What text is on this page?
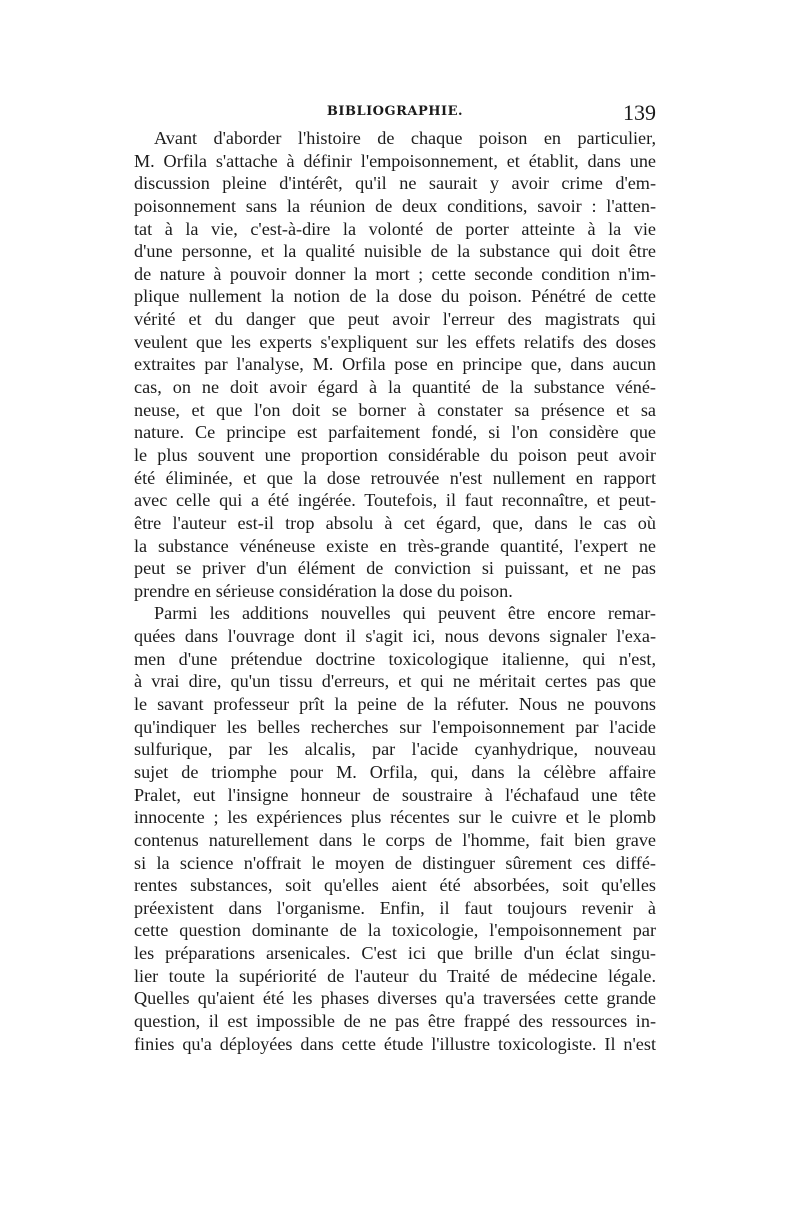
BIBLIOGRAPHIE.	139
Avant d'aborder l'histoire de chaque poison en particulier,
M. Orfila s'attache à définir l'empoisonnement, et établit, dans une
discussion pleine d'intérêt, qu'il ne saurait y avoir crime d'em-
poisonnement sans la réunion de deux conditions, savoir : l'atten-
tat à la vie, c'est-à-dire la volonté de porter atteinte à la vie
d'une personne, et la qualité nuisible de la substance qui doit être
de nature à pouvoir donner la mort ; cette seconde condition n'im-
plique nullement la notion de la dose du poison. Pénétré de cette
vérité et du danger que peut avoir l'erreur des magistrats qui
veulent que les experts s'expliquent sur les effets relatifs des doses
extraites par l'analyse, M. Orfila pose en principe que, dans aucun
cas, on ne doit avoir égard à la quantité de la substance véné-
neuse, et que l'on doit se borner à constater sa présence et sa
nature. Ce principe est parfaitement fondé, si l'on considère que
le plus souvent une proportion considérable du poison peut avoir
été éliminée, et que la dose retrouvée n'est nullement en rapport
avec celle qui a été ingérée. Toutefois, il faut reconnaître, et peut-
être l'auteur est-il trop absolu à cet égard, que, dans le cas où
la substance vénéneuse existe en très-grande quantité, l'expert ne
peut se priver d'un élément de conviction si puissant, et ne pas
prendre en sérieuse considération la dose du poison.
Parmi les additions nouvelles qui peuvent être encore remar-
quées dans l'ouvrage dont il s'agit ici, nous devons signaler l'exa-
men d'une prétendue doctrine toxicologique italienne, qui n'est,
à vrai dire, qu'un tissu d'erreurs, et qui ne méritait certes pas que
le savant professeur prît la peine de la réfuter. Nous ne pouvons
qu'indiquer les belles recherches sur l'empoisonnement par l'acide
sulfurique, par les alcalis, par l'acide cyanhydrique, nouveau
sujet de triomphe pour M. Orfila, qui, dans la célèbre affaire
Pralet, eut l'insigne honneur de soustraire à l'échafaud une tête
innocente ; les expériences plus récentes sur le cuivre et le plomb
contenus naturellement dans le corps de l'homme, fait bien grave
si la science n'offrait le moyen de distinguer sûrement ces diffé-
rentes substances, soit qu'elles aient été absorbées, soit qu'elles
préexistent dans l'organisme. Enfin, il faut toujours revenir à
cette question dominante de la toxicologie, l'empoisonnement par
les préparations arsenicales. C'est ici que brille d'un éclat singu-
lier toute la supériorité de l'auteur du Traité de médecine légale.
Quelles qu'aient été les phases diverses qu'a traversées cette grande
question, il est impossible de ne pas être frappé des ressources in-
finies qu'a déployées dans cette étude l'illustre toxicologiste. Il n'est
